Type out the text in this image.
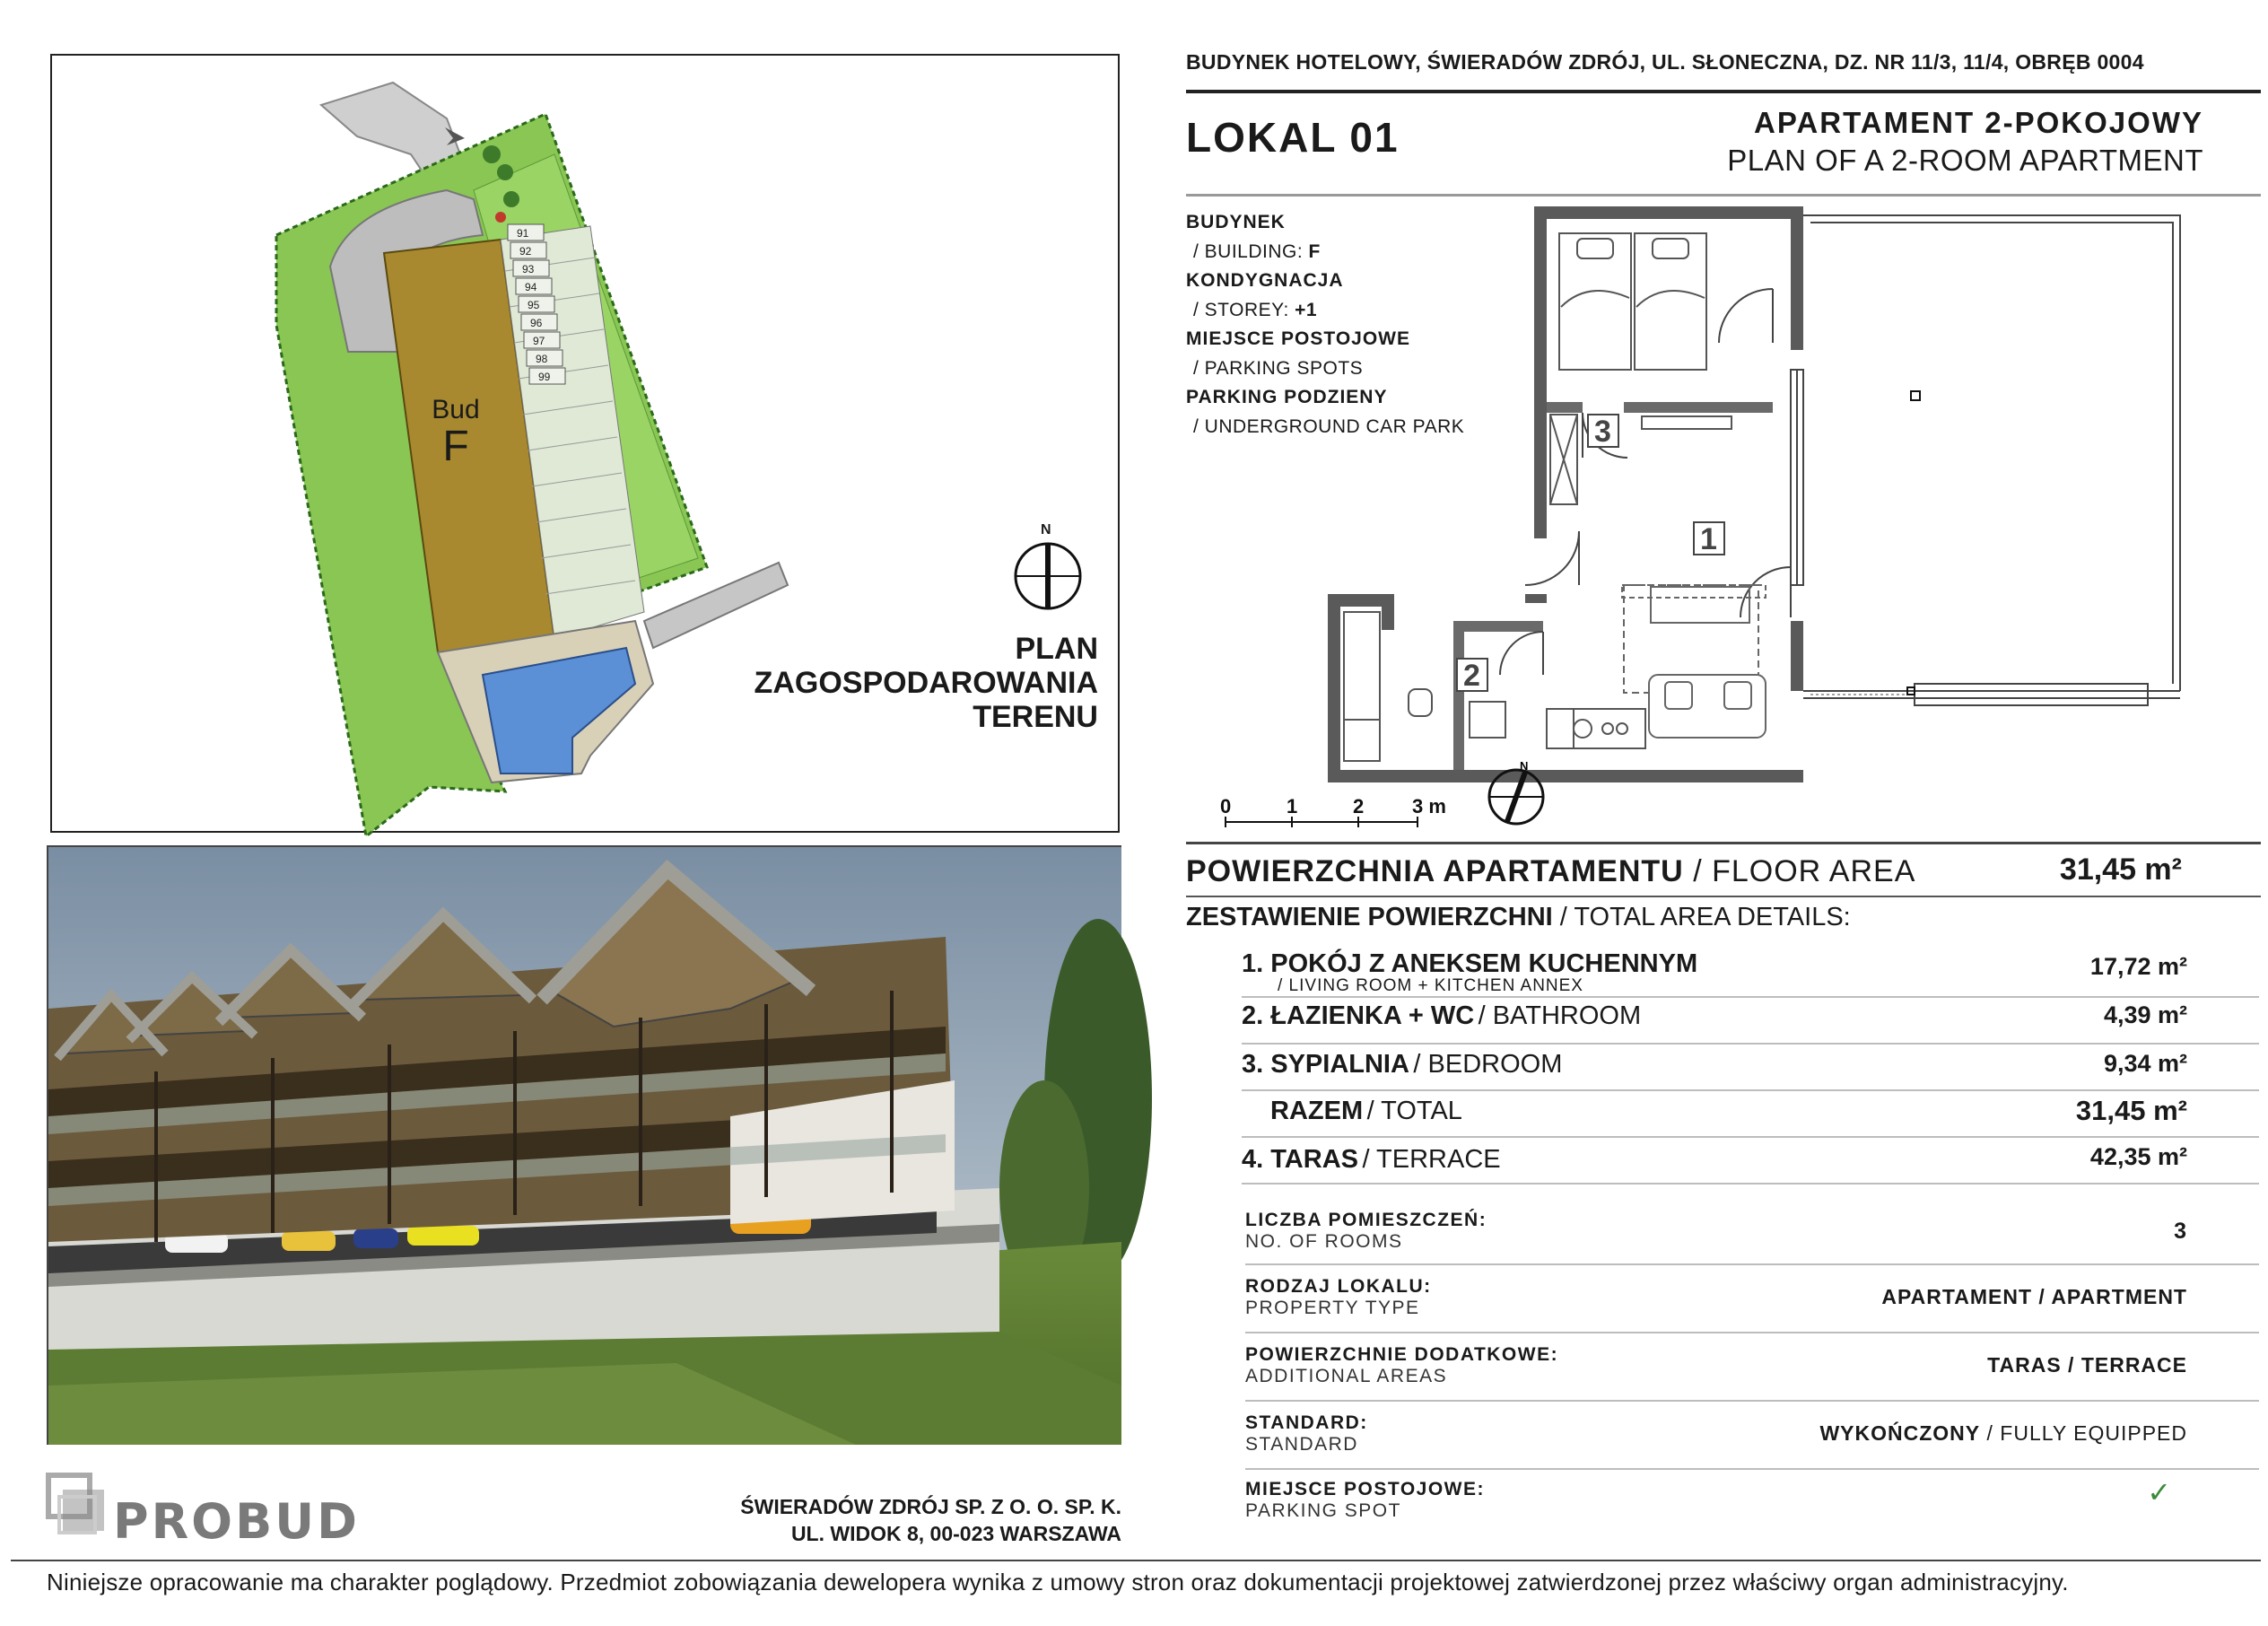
91
92
93
94
95
96
97
98
99
Bud
F
N
PLAN
ZAGOSPODAROWANIA
TERENU
BUDYNEK HOTELOWY, ŚWIERADÓW ZDRÓJ, UL. SŁONECZNA, DZ. NR 11/3, 11/4, OBRĘB 0004
LOKAL 01	APARTAMENT 2-POKOJOWY
PLAN OF A 2-ROOM APARTMENT
BUDYNEK
/ BUILDING: F
KONDYGNACJA
/ STOREY: +1
MIEJSCE POSTOJOWE
/ PARKING SPOTS
PARKING PODZIENY
/ UNDERGROUND CAR PARK	3
1
2
0	1	2 3 m
N
POWIERZCHNIA APARTAMENTU / FLOOR AREA	31,45 m²
ZESTAWIENIE POWIERZCHNI / TOTAL AREA DETAILS:
1. POKÓJ Z ANEKSEM KUCHENNYM
/ LIVING ROOM + KITCHEN ANNEX
17,72 m²
2. ŁAZIENKA + WC / BATHROOM	4,39 m²
3. SYPIALNIA / BEDROOM	9,34 m²
RAZEM / TOTAL	31,45 m²
4. TARAS / TERRACE	42,35 m²
LICZBA POMIESZCZEŃ:
NO. OF ROOMS	3
RODZAJ LOKALU:
PROPERTY TYPE	APARTAMENT / APARTMENT
POWIERZCHNIE DODATKOWE:
ADDITIONAL AREAS	TARAS / TERRACE
STANDARD:
STANDARD	WYKOŃCZONY / FULLY EQUIPPED
MIEJSCE POSTOJOWE:
PARKING SPOT
✓
PROBUD	ŚWIERADÓW ZDRÓJ SP. Z O. O. SP. K.
UL. WIDOK 8, 00-023 WARSZAWA
Niniejsze opracowanie ma charakter poglądowy. Przedmiot zobowiązania dewelopera wynika z umowy stron oraz dokumentacji projektowej zatwierdzonej przez właściwy organ administracyjny.
